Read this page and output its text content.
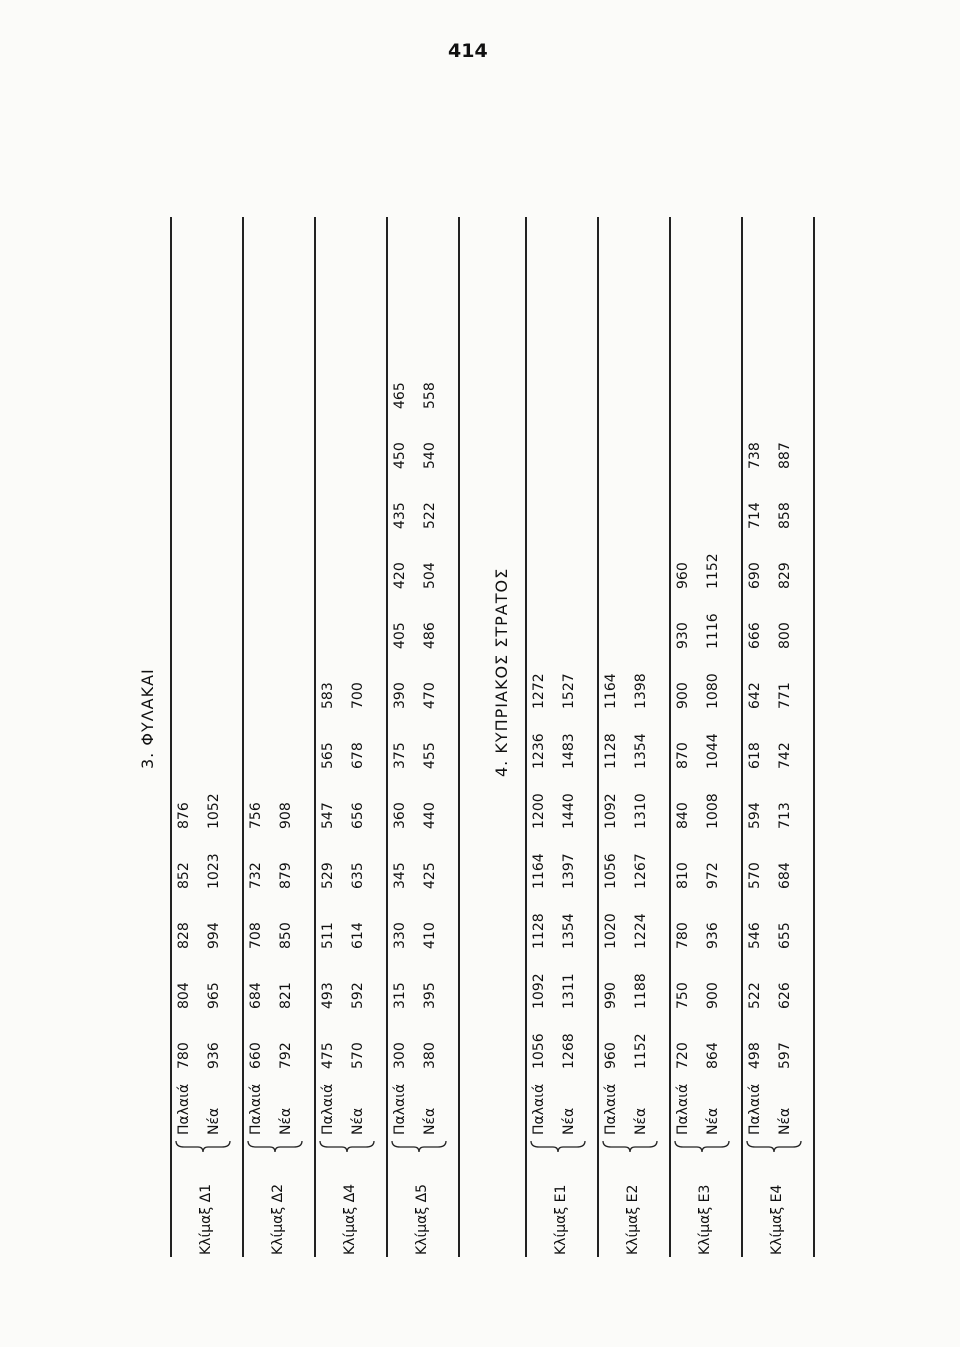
414
3. ΦΥΛΑΚΑΙ
Κλίμαξ Δ1
Παλαιά
780
804
828
852
876
Νέα
936
965
994
1023
1052
Κλίμαξ Δ2
Παλαιά
660
684
708
732
756
Νέα
792
821
850
879
908
Κλίμαξ Δ4
Παλαιά
475
493
511
529
547
565
583
Νέα
570
592
614
635
656
678
700
Κλίμαξ Δ5
Παλαιά
300
315
330
345
360
375
390
405
420
435
450
465
Νέα
380
395
410
425
440
455
470
486
504
522
540
558
4. ΚΥΠΡΙΑΚΟΣ ΣΤΡΑΤΟΣ
Κλίμαξ Ε1
Παλαιά
1056
1092
1128
1164
1200
1236
1272
Νέα
1268
1311
1354
1397
1440
1483
1527
Κλίμαξ Ε2
Παλαιά
960
990
1020
1056
1092
1128
1164
Νέα
1152
1188
1224
1267
1310
1354
1398
Κλίμαξ Ε3
Παλαιά
720
750
780
810
840
870
900
930
960
Νέα
864
900
936
972
1008
1044
1080
1116
1152
Κλίμαξ Ε4
Παλαιά
498
522
546
570
594
618
642
666
690
714
738
Νέα
597
626
655
684
713
742
771
800
829
858
887
